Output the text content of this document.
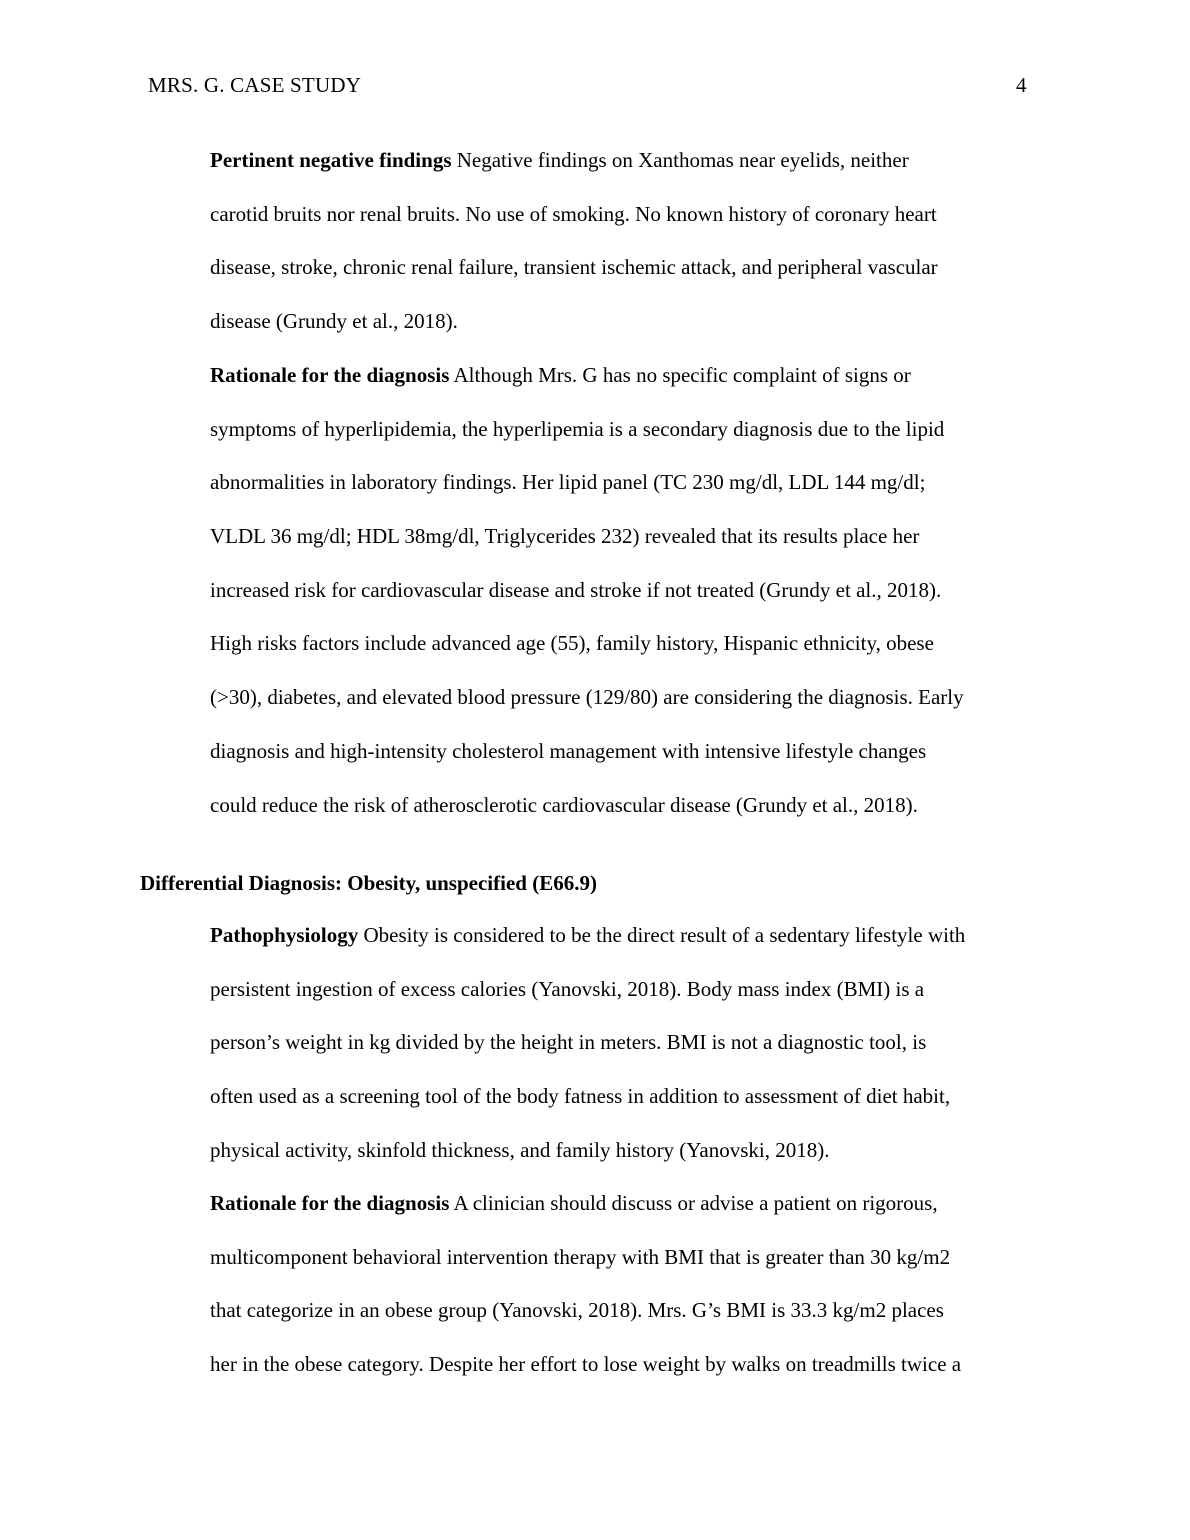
MRS. G. CASE STUDY	4
Pertinent negative findings Negative findings on Xanthomas near eyelids, neither
carotid bruits nor renal bruits. No use of smoking. No known history of coronary heart
disease, stroke, chronic renal failure, transient ischemic attack, and peripheral vascular
disease (Grundy et al., 2018).
Rationale for the diagnosis Although Mrs. G has no specific complaint of signs or
symptoms of hyperlipidemia, the hyperlipemia is a secondary diagnosis due to the lipid
abnormalities in laboratory findings. Her lipid panel (TC 230 mg/dl, LDL 144 mg/dl;
VLDL 36 mg/dl; HDL 38mg/dl, Triglycerides 232) revealed that its results place her
increased risk for cardiovascular disease and stroke if not treated (Grundy et al., 2018).
High risks factors include advanced age (55), family history, Hispanic ethnicity, obese
(>30), diabetes, and elevated blood pressure (129/80) are considering the diagnosis. Early
diagnosis and high-intensity cholesterol management with intensive lifestyle changes
could reduce the risk of atherosclerotic cardiovascular disease (Grundy et al., 2018).
Differential Diagnosis: Obesity, unspecified (E66.9)
Pathophysiology Obesity is considered to be the direct result of a sedentary lifestyle with
persistent ingestion of excess calories (Yanovski, 2018). Body mass index (BMI) is a
person’s weight in kg divided by the height in meters. BMI is not a diagnostic tool, is
often used as a screening tool of the body fatness in addition to assessment of diet habit,
physical activity, skinfold thickness, and family history (Yanovski, 2018).
Rationale for the diagnosis A clinician should discuss or advise a patient on rigorous,
multicomponent behavioral intervention therapy with BMI that is greater than 30 kg/m2
that categorize in an obese group (Yanovski, 2018). Mrs. G’s BMI is 33.3 kg/m2 places
her in the obese category. Despite her effort to lose weight by walks on treadmills twice a
